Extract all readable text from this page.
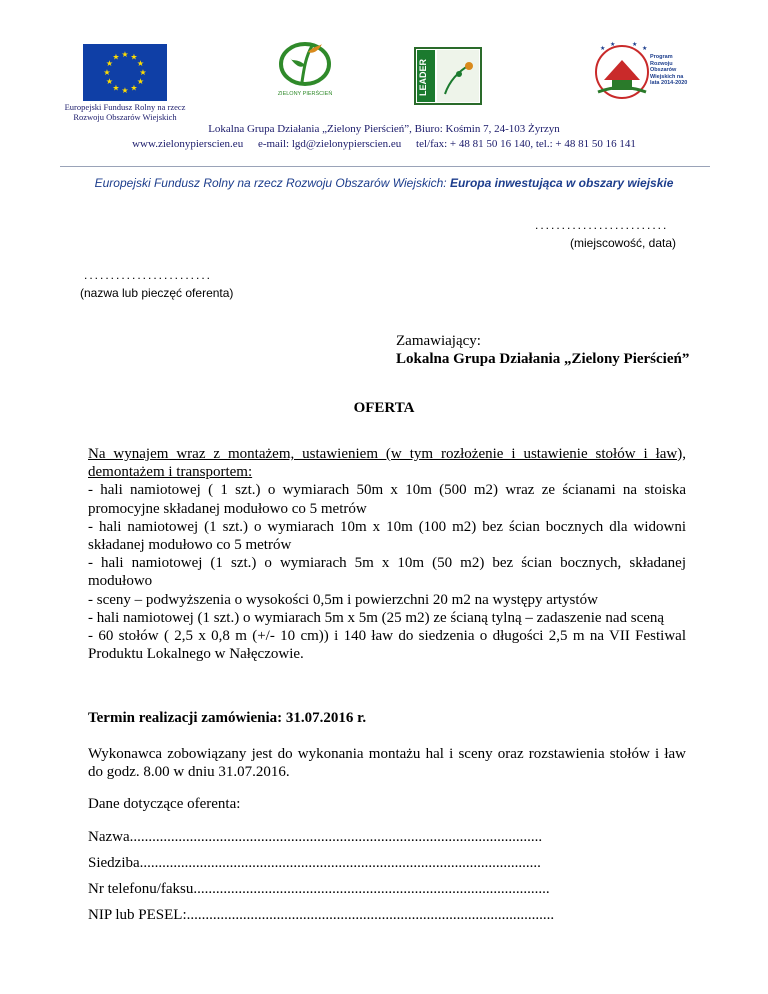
★ ★
★
★
★
★
★
★
★
★
★
★
Europejski Fundusz Rolny na rzecz Rozwoju Obszarów Wiejskich
ZIELONY PIERŚCIEŃ	LEADER
★
★	★
★
Program Rozwoju Obszarów Wiejskich na lata 2014-2020
Lokalna Grupa Działania „Zielony Pierścień”, Biuro: Kośmin 7, 24-103 Żyrzyn
www.zielonypierscien.eu e-mail: lgd@zielonypierscien.eu tel/fax: + 48 81 50 16 140, tel.: + 48 81 50 16 141
Europejski Fundusz Rolny na rzecz Rozwoju Obszarów Wiejskich: Europa inwestująca w obszary wiejskie
.........................
(miejscowość, data)
........................
(nazwa lub pieczęć oferenta)
Zamawiający:
Lokalna Grupa Działania „Zielony Pierścień”
OFERTA
Na wynajem wraz z montażem, ustawieniem (w tym rozłożenie i ustawienie stołów i ław), demontażem i transportem:
- hali namiotowej ( 1 szt.) o wymiarach 50m x 10m (500 m2) wraz ze ścianami na stoiska promocyjne składanej modułowo co 5 metrów
- hali namiotowej (1 szt.) o wymiarach 10m x 10m (100 m2) bez ścian bocznych dla widowni składanej modułowo co 5 metrów
- hali namiotowej (1 szt.) o wymiarach 5m x 10m (50 m2) bez ścian bocznych, składanej modułowo
- sceny – podwyższenia o wysokości 0,5m i powierzchni 20 m2 na występy artystów
- hali namiotowej (1 szt.) o wymiarach 5m x 5m (25 m2) ze ścianą tylną – zadaszenie nad sceną
- 60 stołów ( 2,5 x 0,8 m (+/- 10 cm)) i 140 ław do siedzenia o długości 2,5 m na VII Festiwal Produktu Lokalnego w Nałęczowie.
Termin realizacji zamówienia: 31.07.2016 r.
Wykonawca zobowiązany jest do wykonania montażu hal i sceny oraz rozstawienia stołów i ław do godz. 8.00 w dniu 31.07.2016.
Dane dotyczące oferenta:
Nazwa..............................................................................................................
Siedziba...........................................................................................................
Nr telefonu/faksu...............................................................................................
NIP lub PESEL:..................................................................................................
